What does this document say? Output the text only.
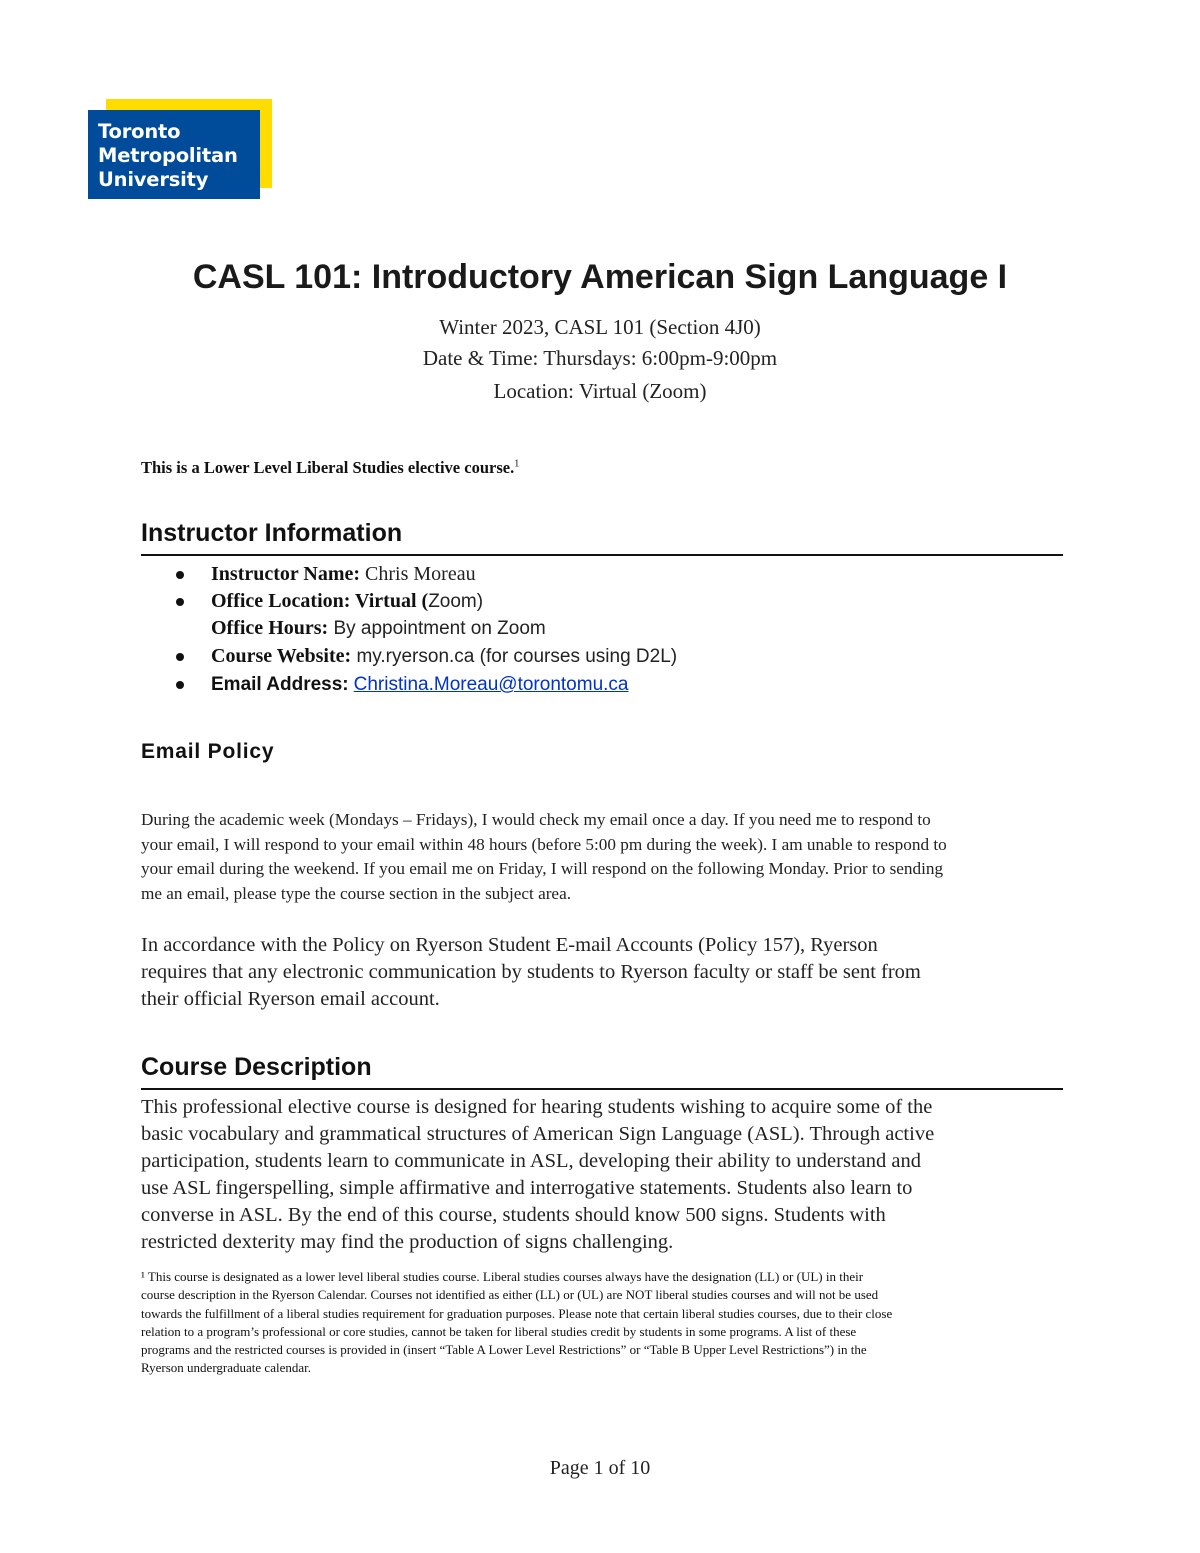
Toronto
Metropolitan
University
CASL 101: Introductory American Sign Language I
Winter 2023, CASL 101 (Section 4J0)
Date & Time: Thursdays: 6:00pm-9:00pm
Location: Virtual (Zoom)
This is a Lower Level Liberal Studies elective course.$^1$
Instructor Information
Instructor Name: Chris Moreau
Office Location: Virtual (Zoom)
Office Hours: By appointment on Zoom
Course Website: my.ryerson.ca (for courses using D2L)
Email Address: Christina.Moreau@torontomu.ca
Email Policy
During the academic week (Mondays – Fridays), I would check my email once a day. If you need me to respond to
your email, I will respond to your email within 48 hours (before 5:00 pm during the week). I am unable to respond to
your email during the weekend. If you email me on Friday, I will respond on the following Monday. Prior to sending
me an email, please type the course section in the subject area.
In accordance with the Policy on Ryerson Student E-mail Accounts (Policy 157), Ryerson
requires that any electronic communication by students to Ryerson faculty or staff be sent from
their official Ryerson email account.
Course Description
This professional elective course is designed for hearing students wishing to acquire some of the
basic vocabulary and grammatical structures of American Sign Language (ASL). Through active
participation, students learn to communicate in ASL, developing their ability to understand and
use ASL fingerspelling, simple affirmative and interrogative statements. Students also learn to
converse in ASL. By the end of this course, students should know 500 signs. Students with
restricted dexterity may find the production of signs challenging.
¹ This course is designated as a lower level liberal studies course. Liberal studies courses always have the designation (LL) or (UL) in their
course description in the Ryerson Calendar. Courses not identified as either (LL) or (UL) are NOT liberal studies courses and will not be used
towards the fulfillment of a liberal studies requirement for graduation purposes. Please note that certain liberal studies courses, due to their close
relation to a program’s professional or core studies, cannot be taken for liberal studies credit by students in some programs. A list of these
programs and the restricted courses is provided in (insert “Table A Lower Level Restrictions” or “Table B Upper Level Restrictions”) in the
Ryerson undergraduate calendar.
Page 1 of 10
